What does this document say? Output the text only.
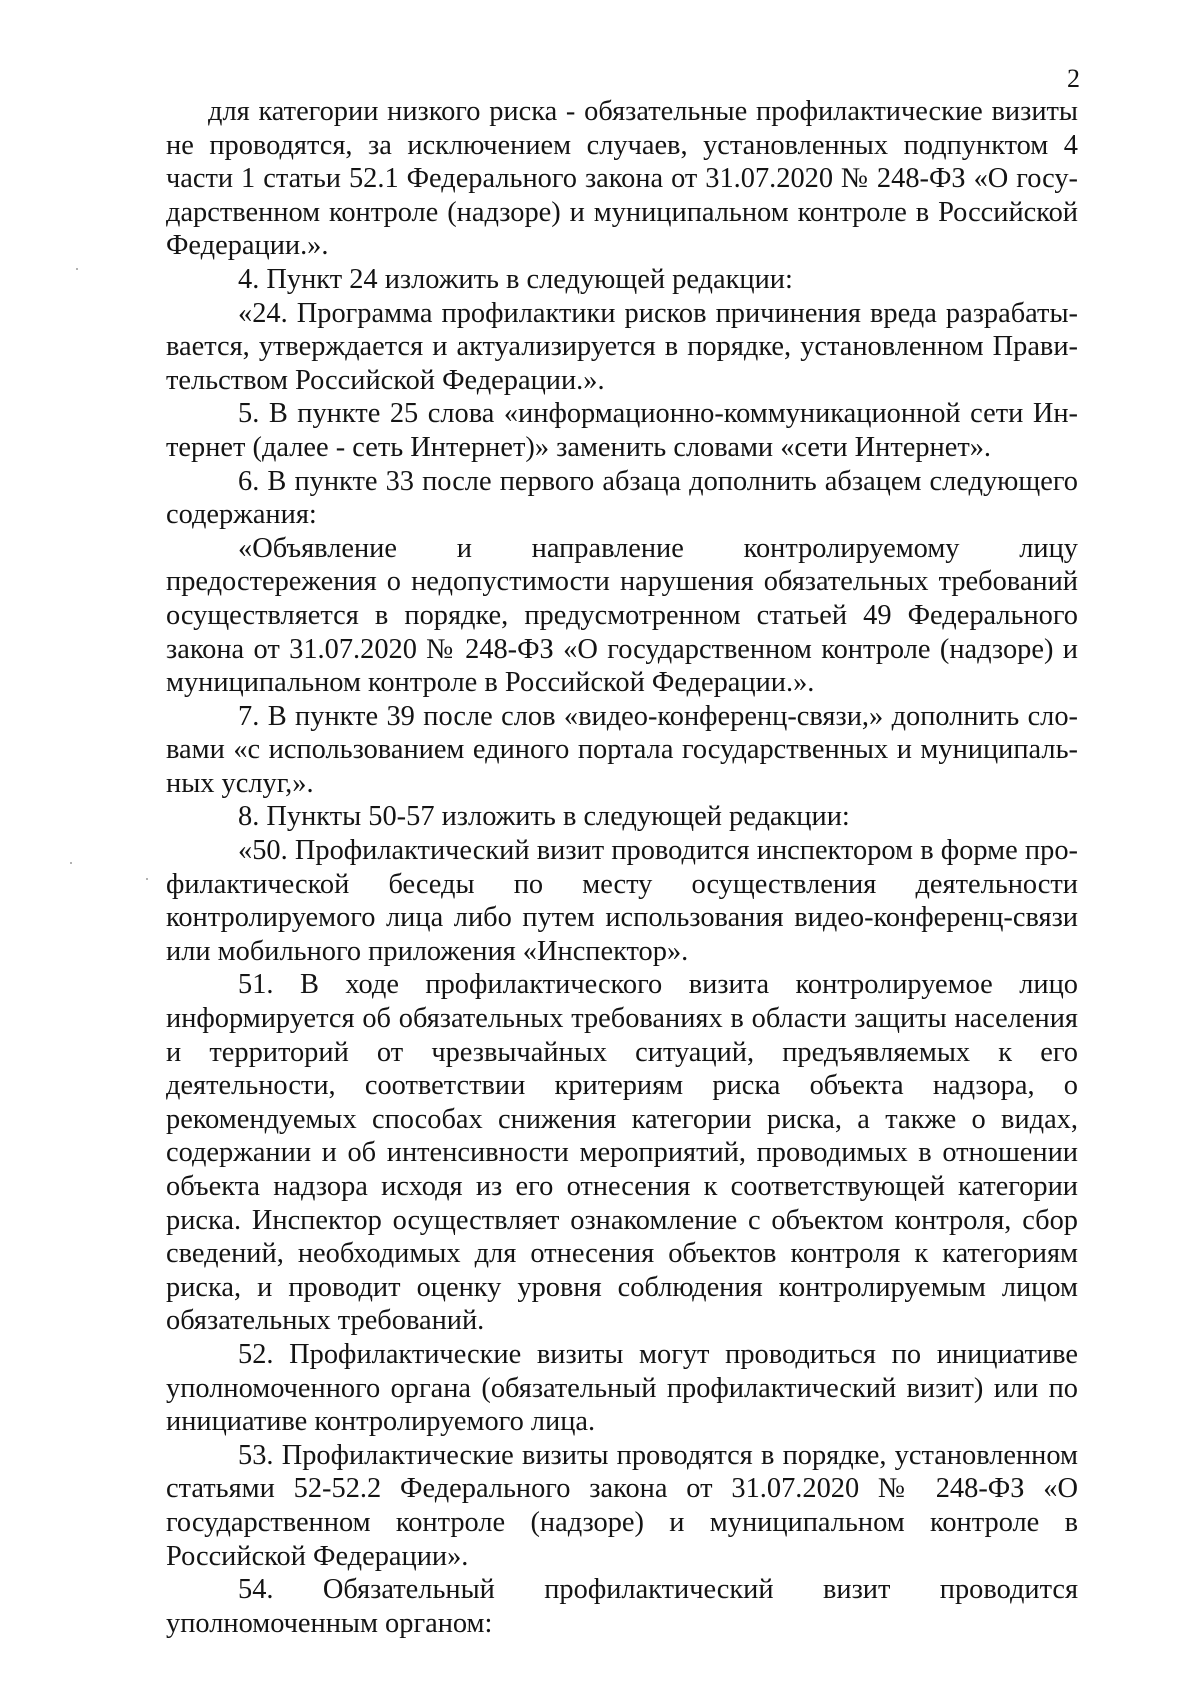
2

для категории низкого риска - обязательные профилактические визиты не проводятся, за исключением случаев, установленных подпунктом 4 части 1 статьи 52.1 Федерального закона от 31.07.2020 № 248-ФЗ «О государственном контроле (надзоре) и муниципальном контроле в Российской Федерации.».

4. Пункт 24 изложить в следующей редакции:

«24. Программа профилактики рисков причинения вреда разрабатывается, утверждается и актуализируется в порядке, установленном Правительством Российской Федерации.».

5. В пункте 25 слова «информационно-коммуникационной сети Интернет (далее - сеть Интернет)» заменить словами «сети Интернет».

6. В пункте 33 после первого абзаца дополнить абзацем следующего содержания:

«Объявление и направление контролируемому лицу предостережения о недопустимости нарушения обязательных требований осуществляется в порядке, предусмотренном статьей 49 Федерального закона от 31.07.2020 № 248-ФЗ «О государственном контроле (надзоре) и муниципальном контроле в Российской Федерации.».

7. В пункте 39 после слов «видео-конференц-связи,» дополнить словами «с использованием единого портала государственных и муниципальных услуг,».

8. Пункты 50-57 изложить в следующей редакции:

«50. Профилактический визит проводится инспектором в форме профилактической беседы по месту осуществления деятельности контролируемого лица либо путем использования видео-конференц-связи или мобильного приложения «Инспектор».

51. В ходе профилактического визита контролируемое лицо информируется об обязательных требованиях в области защиты населения и территорий от чрезвычайных ситуаций, предъявляемых к его деятельности, соответствии критериям риска объекта надзора, о рекомендуемых способах снижения категории риска, а также о видах, содержании и об интенсивности мероприятий, проводимых в отношении объекта надзора исходя из его отнесения к соответствующей категории риска. Инспектор осуществляет ознакомление с объектом контроля, сбор сведений, необходимых для отнесения объектов контроля к категориям риска, и проводит оценку уровня соблюдения контролируемым лицом обязательных требований.

52. Профилактические визиты могут проводиться по инициативе уполномоченного органа (обязательный профилактический визит) или по инициативе контролируемого лица.

53. Профилактические визиты проводятся в порядке, установленном статьями 52-52.2 Федерального закона от 31.07.2020 № 248-ФЗ «О государственном контроле (надзоре) и муниципальном контроле в Российской Федерации».

54. Обязательный профилактический визит проводится уполномоченным органом:
